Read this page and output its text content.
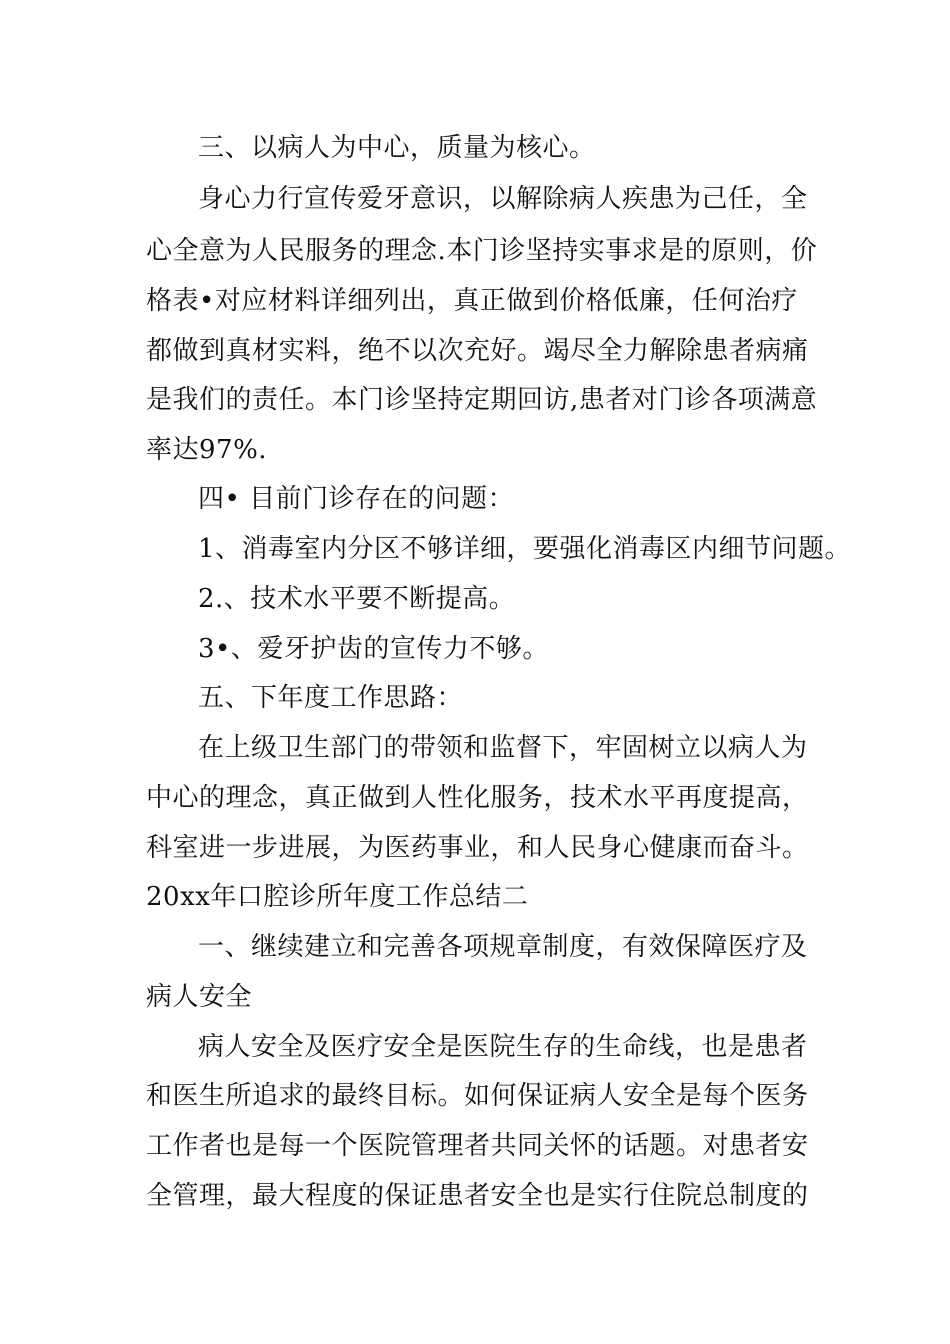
三、以病人为中心，质量为核心。
身心力行宣传爱牙意识，以解除病人疾患为己任，全
心全意为人民服务的理念.本门诊坚持实事求是的原则，价
格表•对应材料详细列出，真正做到价格低廉，任何治疗
都做到真材实料，绝不以次充好。竭尽全力解除患者病痛
是我们的责任。本门诊坚持定期回访,患者对门诊各项满意
率达97%.
四• 目前门诊存在的问题：
1、消毒室内分区不够详细，要强化消毒区内细节问题。
2.、技术水平要不断提高。
3•、爱牙护齿的宣传力不够。
五、下年度工作思路：
在上级卫生部门的带领和监督下，牢固树立以病人为
中心的理念，真正做到人性化服务，技术水平再度提高，
科室进一步进展，为医药事业，和人民身心健康而奋斗。
20xx年口腔诊所年度工作总结二
一、继续建立和完善各项规章制度，有效保障医疗及
病人安全
病人安全及医疗安全是医院生存的生命线，也是患者
和医生所追求的最终目标。如何保证病人安全是每个医务
工作者也是每一个医院管理者共同关怀的话题。对患者安
全管理，最大程度的保证患者安全也是实行住院总制度的
